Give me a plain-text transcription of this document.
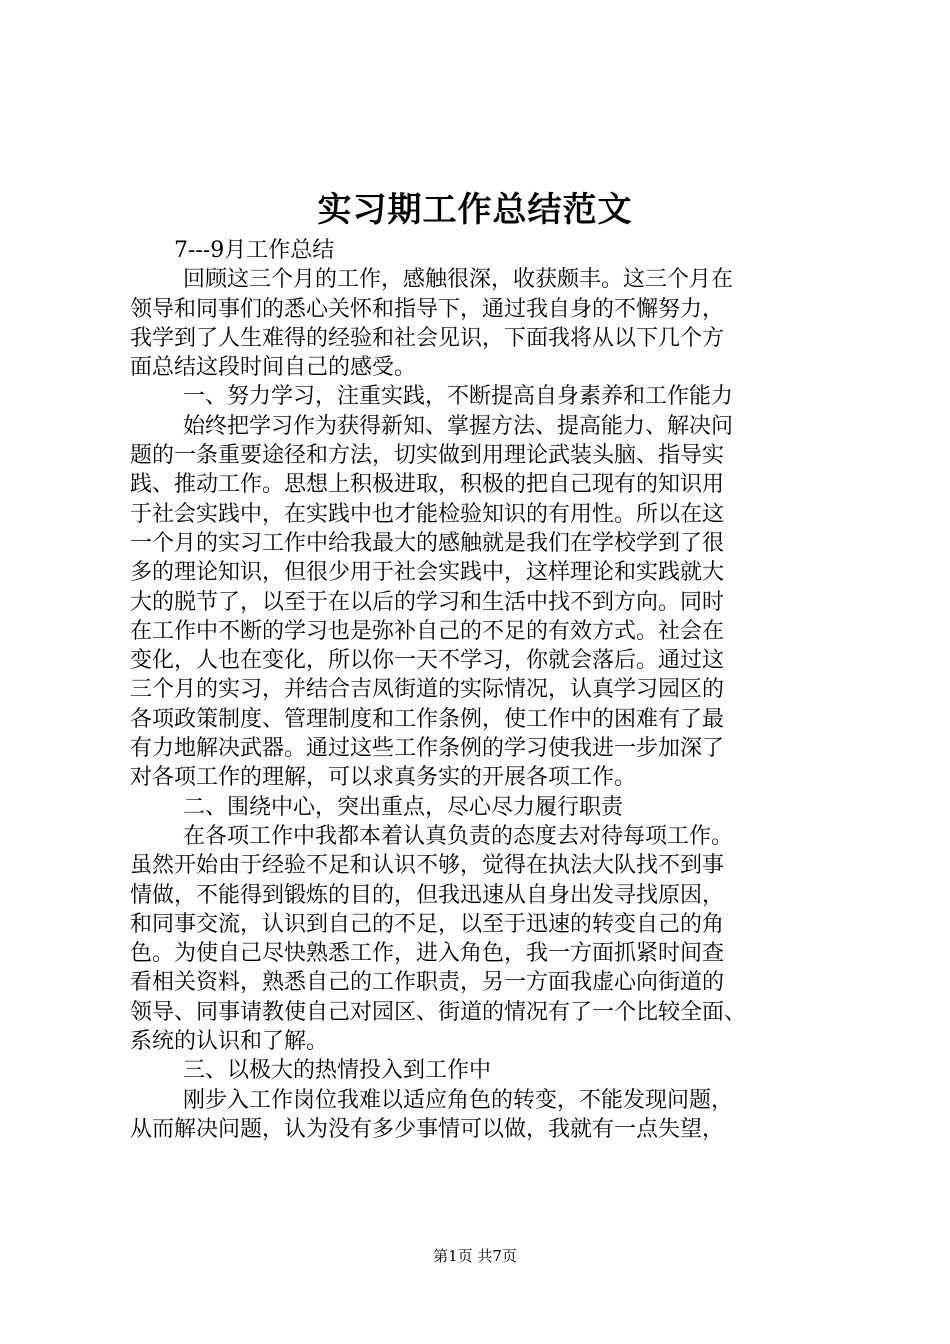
实习期工作总结范文
7---9月工作总结
回顾这三个月的工作，感触很深，收获颇丰。这三个月在
领导和同事们的悉心关怀和指导下，通过我自身的不懈努力，
我学到了人生难得的经验和社会见识，下面我将从以下几个方
面总结这段时间自己的感受。
一、努力学习，注重实践，不断提高自身素养和工作能力
始终把学习作为获得新知、掌握方法、提高能力、解决问
题的一条重要途径和方法，切实做到用理论武装头脑、指导实
践、推动工作。思想上积极进取，积极的把自己现有的知识用
于社会实践中，在实践中也才能检验知识的有用性。所以在这
一个月的实习工作中给我最大的感触就是我们在学校学到了很
多的理论知识，但很少用于社会实践中，这样理论和实践就大
大的脱节了，以至于在以后的学习和生活中找不到方向。同时
在工作中不断的学习也是弥补自己的不足的有效方式。社会在
变化，人也在变化，所以你一天不学习，你就会落后。通过这
三个月的实习，并结合吉凤街道的实际情况，认真学习园区的
各项政策制度、管理制度和工作条例，使工作中的困难有了最
有力地解决武器。通过这些工作条例的学习使我进一步加深了
对各项工作的理解，可以求真务实的开展各项工作。
二、围绕中心，突出重点，尽心尽力履行职责
在各项工作中我都本着认真负责的态度去对待每项工作。
虽然开始由于经验不足和认识不够，觉得在执法大队找不到事
情做，不能得到锻炼的目的，但我迅速从自身出发寻找原因，
和同事交流，认识到自己的不足，以至于迅速的转变自己的角
色。为使自己尽快熟悉工作，进入角色，我一方面抓紧时间查
看相关资料，熟悉自己的工作职责，另一方面我虚心向街道的
领导、同事请教使自己对园区、街道的情况有了一个比较全面、
系统的认识和了解。
三、以极大的热情投入到工作中
刚步入工作岗位我难以适应角色的转变，不能发现问题，
从而解决问题，认为没有多少事情可以做，我就有一点失望，
第1页 共7页
